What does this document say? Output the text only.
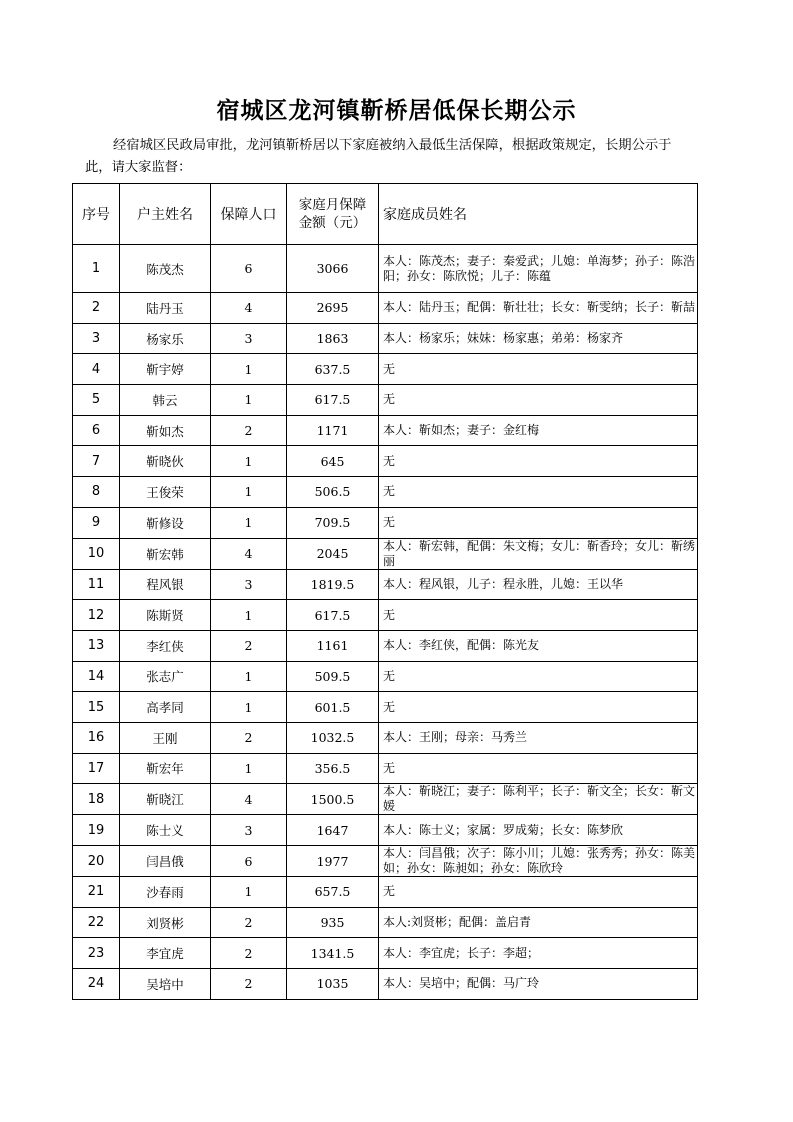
宿城区龙河镇靳桥居低保长期公示
经宿城区民政局审批，龙河镇靳桥居以下家庭被纳入最低生活保障，根据政策规定，长期公示于此，请大家监督：
序号	户主姓名	保障人口	家庭月保障
金额（元）	家庭成员姓名
1	陈茂杰	6	3066	本人：陈茂杰；妻子：秦爱武；儿媳：单海梦；孙子：陈浩阳；孙女：陈欣悦；儿子：陈蕴
2	陆丹玉	4	2695	本人：陆丹玉；配偶：靳壮壮；长女：靳雯纳；长子：靳喆
3	杨家乐	3	1863	本人：杨家乐；妹妹：杨家惠；弟弟：杨家齐
4	靳宇婷	1	637.5	无
5	韩云	1	617.5	无
6	靳如杰	2	1171	本人：靳如杰；妻子：金红梅
7	靳晓伙	1	645	无
8	王俊荣	1	506.5	无
9	靳修设	1	709.5	无
10	靳宏韩	4	2045	本人：靳宏韩，配偶：朱文梅；女儿：靳香玲；女儿：靳绣丽
11	程风银	3	1819.5	本人：程风银，儿子：程永胜，儿媳：王以华
12	陈斯贤	1	617.5	无
13	李红侠	2	1161	本人：李红侠，配偶：陈光友
14	张志广	1	509.5	无
15	高孝同	1	601.5	无
16	王刚	2	1032.5	本人：王刚；母亲：马秀兰
17	靳宏年	1	356.5	无
18	靳晓江	4	1500.5	本人：靳晓江；妻子：陈利平；长子：靳文全；长女：靳文媛
19	陈士义	3	1647	本人：陈士义；家属：罗成菊；长女：陈梦欣
20	闫昌俄	6	1977	本人：闫昌俄；次子：陈小川；儿媳：张秀秀；孙女：陈美如；孙女：陈昶如；孙女：陈欣玲
21	沙春雨	1	657.5	无
22	刘贤彬	2	935	本人:刘贤彬；配偶：盖启青
23	李宜虎	2	1341.5	本人：李宜虎；长子：李超；
24	吴培中	2	1035	本人：吴培中；配偶：马广玲
